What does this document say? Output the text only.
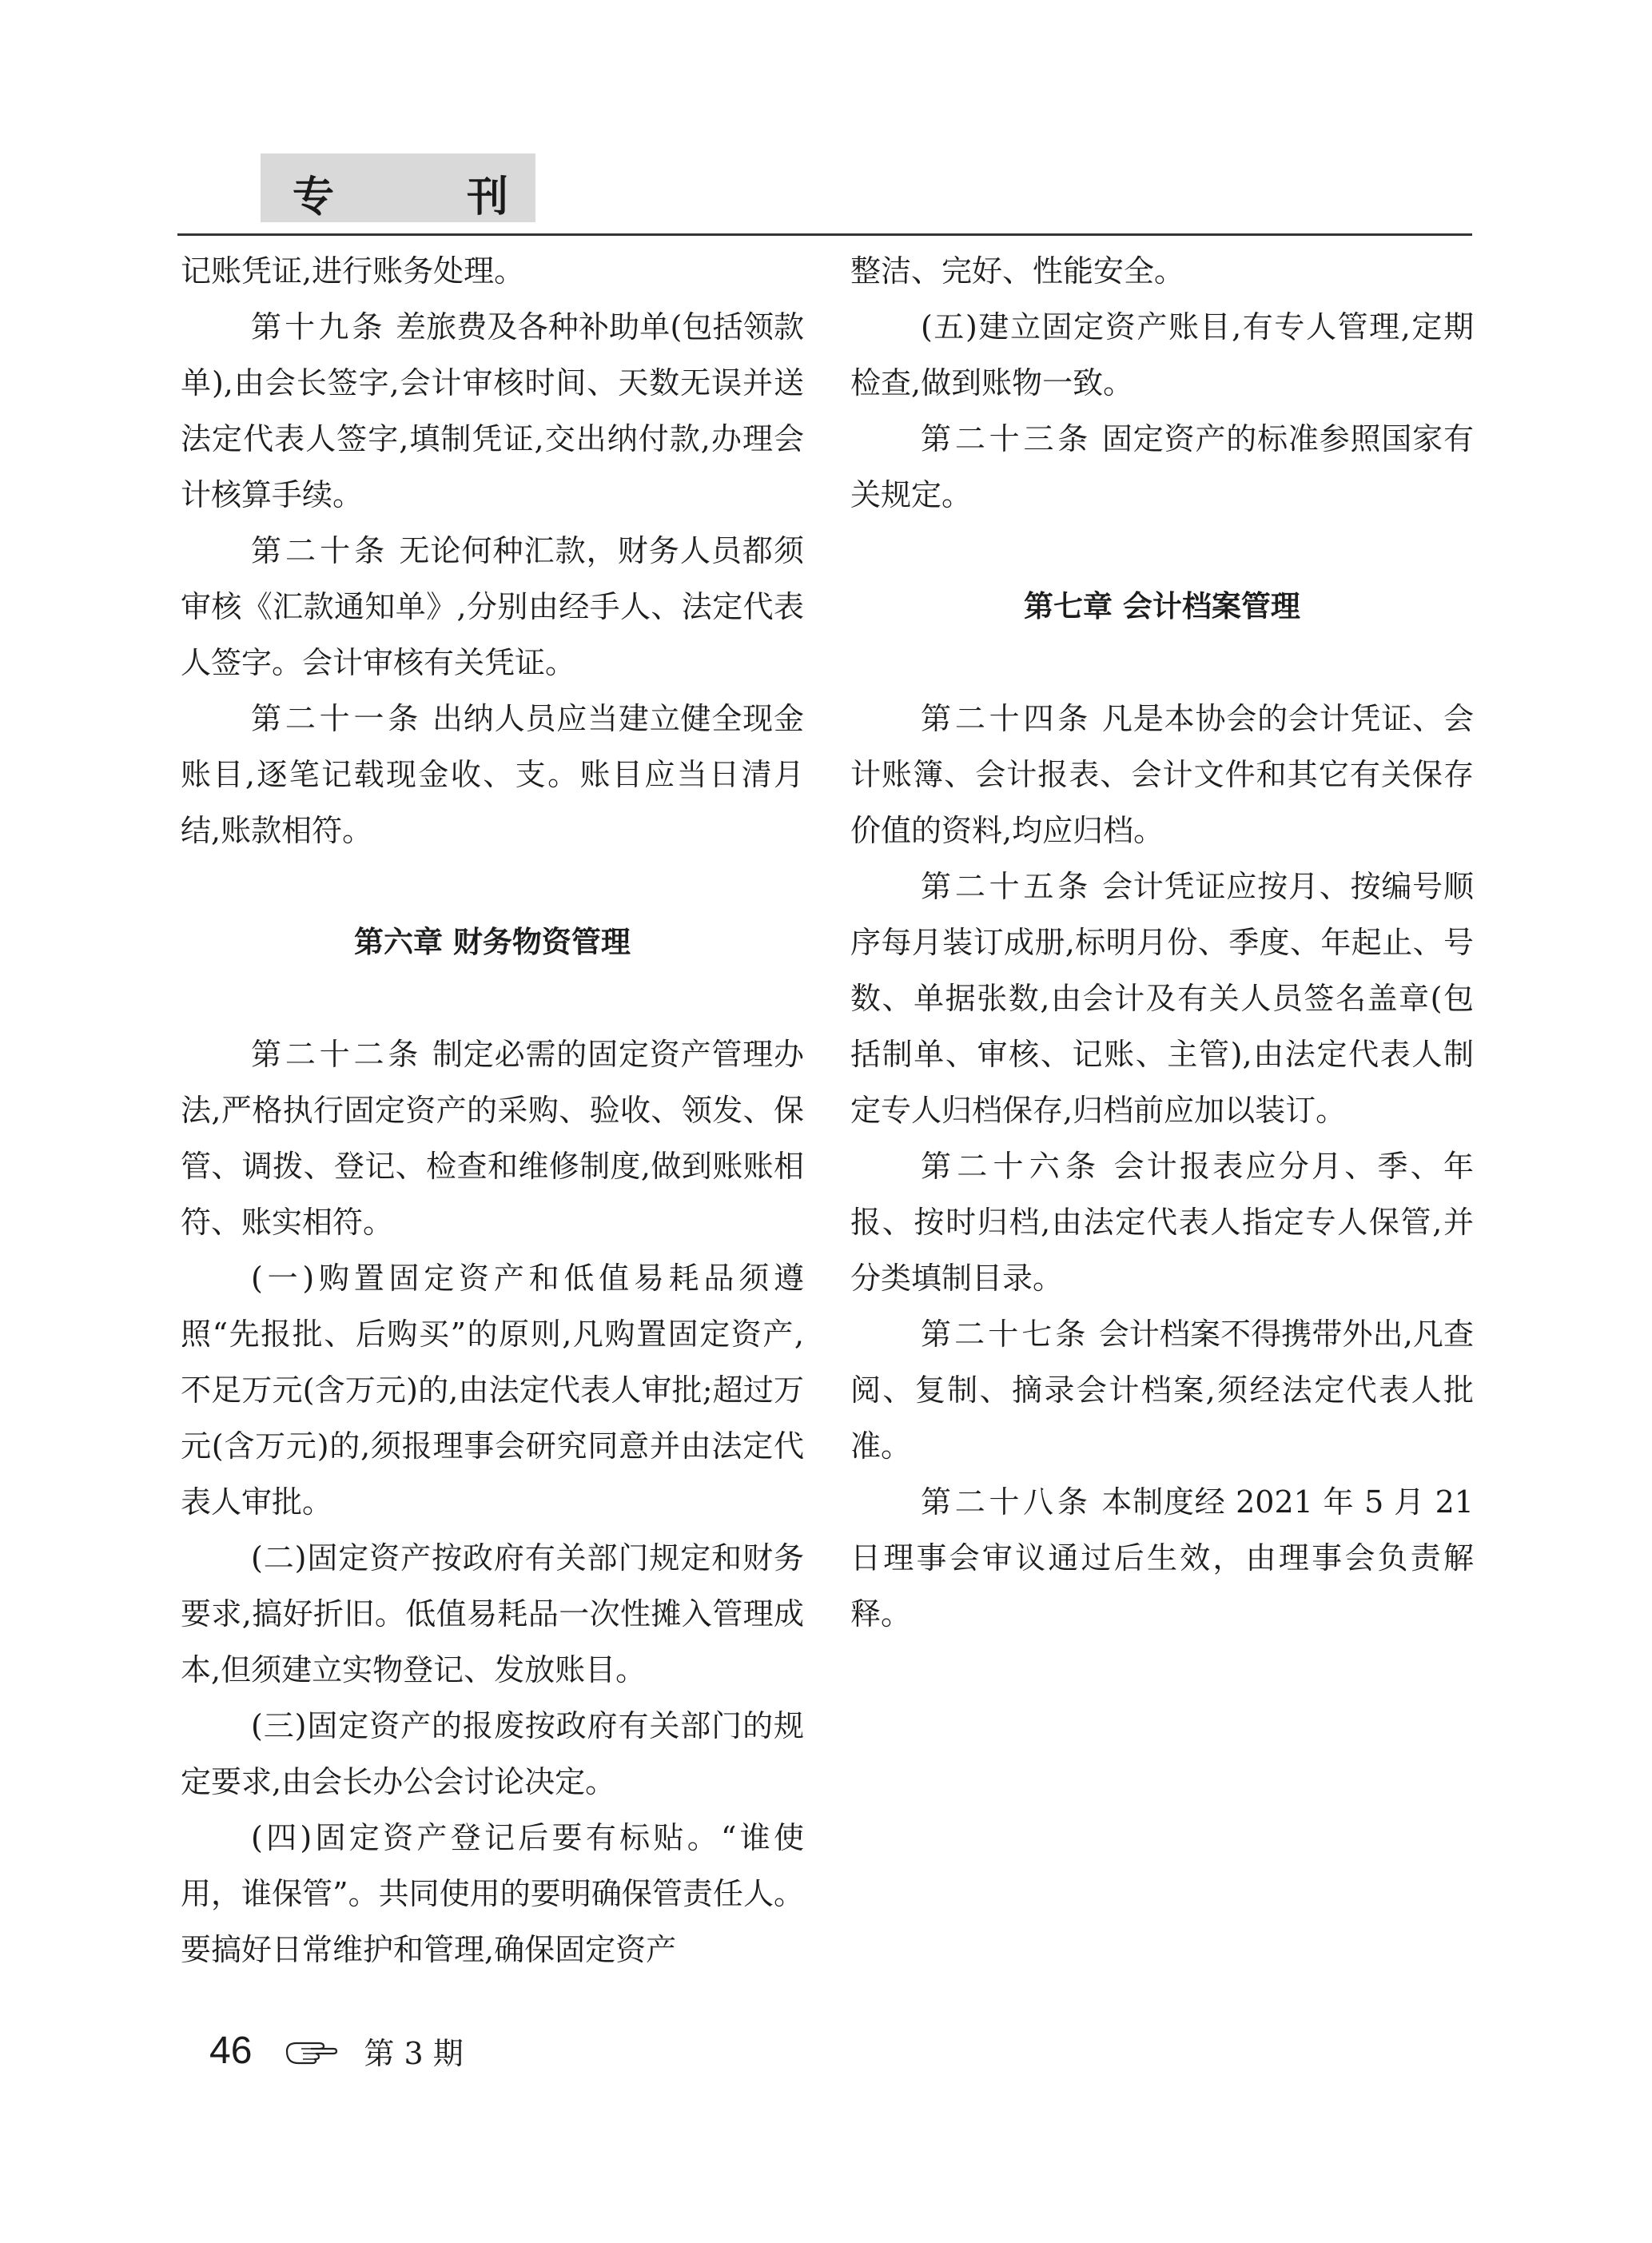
专	刊

记账凭证,进行账务处理。

第十九条 差旅费及各种补助单(包括领款单),由会长签字,会计审核时间、天数无误并送法定代表人签字,填制凭证,交出纳付款,办理会计核算手续。

第二十条 无论何种汇款，财务人员都须审核《汇款通知单》,分别由经手人、法定代表人签字。会计审核有关凭证。

第二十一条 出纳人员应当建立健全现金账目,逐笔记载现金收、支。账目应当日清月结,账款相符。

第六章 财务物资管理

第二十二条 制定必需的固定资产管理办法,严格执行固定资产的采购、验收、领发、保管、调拨、登记、检查和维修制度,做到账账相符、账实相符。

(一)购置固定资产和低值易耗品须遵照“先报批、后购买”的原则,凡购置固定资产,不足万元(含万元)的,由法定代表人审批;超过万元(含万元)的,须报理事会研究同意并由法定代表人审批。

(二)固定资产按政府有关部门规定和财务要求,搞好折旧。低值易耗品一次性摊入管理成本,但须建立实物登记、发放账目。

(三)固定资产的报废按政府有关部门的规定要求,由会长办公会讨论决定。

(四)固定资产登记后要有标贴。“谁使用，谁保管”。共同使用的要明确保管责任人。要搞好日常维护和管理,确保固定资产

整洁、完好、性能安全。

(五)建立固定资产账目,有专人管理,定期检查,做到账物一致。

第二十三条 固定资产的标准参照国家有关规定。

第七章 会计档案管理

第二十四条 凡是本协会的会计凭证、会计账簿、会计报表、会计文件和其它有关保存价值的资料,均应归档。

第二十五条 会计凭证应按月、按编号顺序每月装订成册,标明月份、季度、年起止、号数、单据张数,由会计及有关人员签名盖章(包括制单、审核、记账、主管),由法定代表人制定专人归档保存,归档前应加以装订。

第二十六条 会计报表应分月、季、年报、按时归档,由法定代表人指定专人保管,并分类填制目录。

第二十七条 会计档案不得携带外出,凡查阅、复制、摘录会计档案,须经法定代表人批准。

第二十八条 本制度经 2021 年 5 月 21 日理事会审议通过后生效，由理事会负责解释。

46	第 3 期
